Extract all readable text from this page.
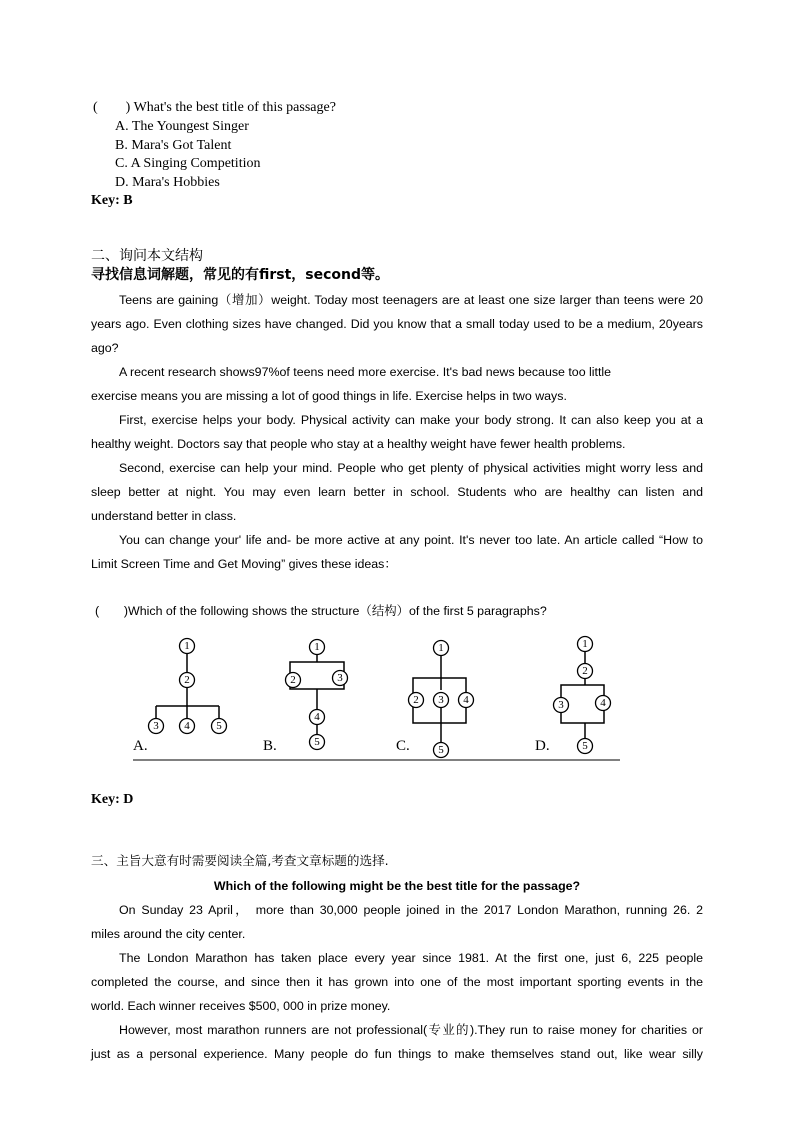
(　　) What's the best title of this passage?
A. The Youngest Singer
B. Mara's Got Talent
C. A Singing Competition
D. Mara's Hobbies
Key: B
二、询问本文结构
寻找信息词解题，常见的有first，second等。
Teens are gaining（增加）weight. Today most teenagers are at least one size larger than teens were 20
years ago. Even clothing sizes have changed. Did you know that a small today used to be a medium, 20years
ago?
A recent research shows97%of teens need more exercise. It's bad news because too little
exercise means you are missing a lot of good things in life. Exercise helps in two ways.
First, exercise helps your body. Physical activity can make your body strong. It can also keep you at a
healthy weight. Doctors say that people who stay at a healthy weight have fewer health problems.
Second, exercise can help your mind. People who get plenty of physical activities might worry less and
sleep better at night. You may even learn better in school. Students who are healthy can listen and
understand better in class.
You can change your' life and- be more active at any point. It's never too late. An article called “How to
Limit Screen Time and Get Moving” gives these ideas：
(　　)Which of the following shows the structure（结构）of the first 5 paragraphs?
1
2
3 4 5
1
2	3
4
5
1
2 3 4
5
1
2
3	4
5
A.	B.	C.	D.
Key: D
三、主旨大意有时需要阅读全篇,考查文章标题的选择.
Which of the following might be the best title for the passage?
On Sunday 23 April， more than 30,000 people joined in the 2017 London Marathon, running 26. 2
miles around the city center.
The London Marathon has taken place every year since 1981. At the first one, just 6, 225 people
completed the course, and since then it has grown into one of the most important sporting events in the
world. Each winner receives $500, 000 in prize money.
However, most marathon runners are not professional(专业的).They run to raise money for charities or
just as a personal experience. Many people do fun things to make themselves stand out, like wear silly
